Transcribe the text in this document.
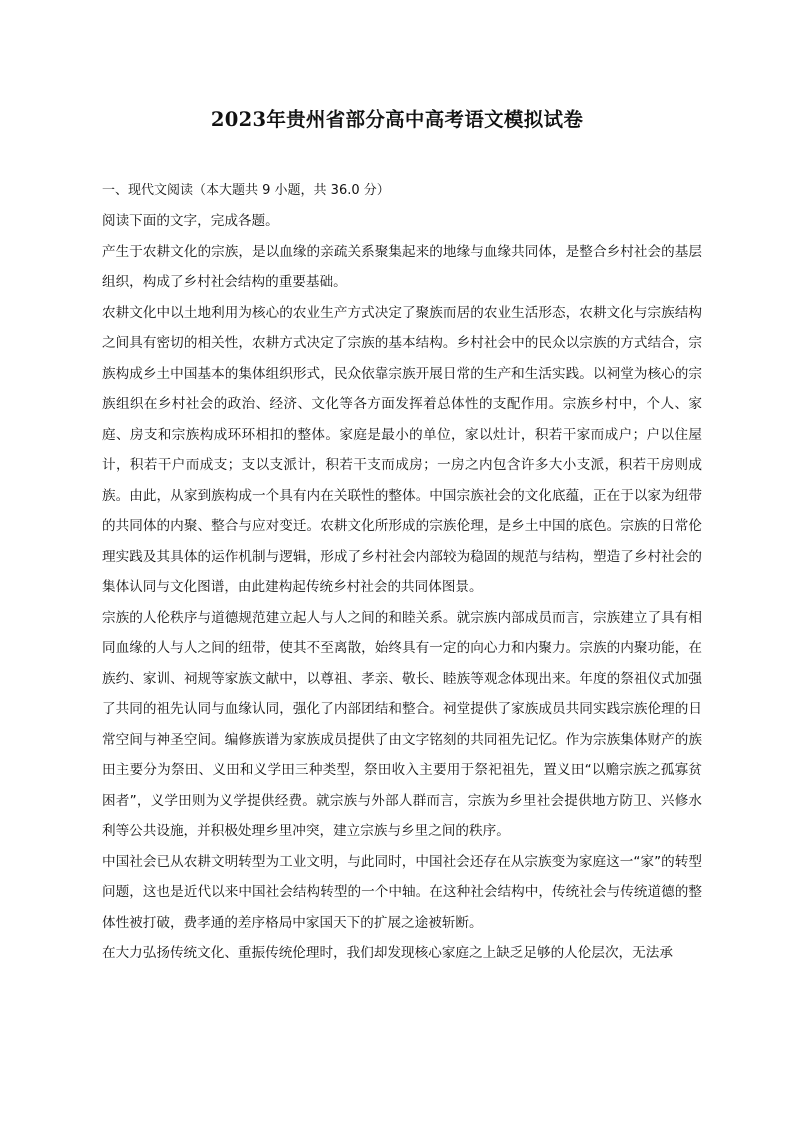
2023年贵州省部分高中高考语文模拟试卷
一、现代文阅读（本大题共 9 小题，共 36.0 分）

阅读下面的文字，完成各题。

产生于农耕文化的宗族，是以血缘的亲疏关系聚集起来的地缘与血缘共同体，是整合乡村社会的基层组织，构成了乡村社会结构的重要基础。

农耕文化中以土地利用为核心的农业生产方式决定了聚族而居的农业生活形态，农耕文化与宗族结构之间具有密切的相关性，农耕方式决定了宗族的基本结构。乡村社会中的民众以宗族的方式结合，宗族构成乡土中国基本的集体组织形式，民众依靠宗族开展日常的生产和生活实践。以祠堂为核心的宗族组织在乡村社会的政治、经济、文化等各方面发挥着总体性的支配作用。宗族乡村中，个人、家庭、房支和宗族构成环环相扣的整体。家庭是最小的单位，家以灶计，积若干家而成户；户以住屋计，积若干户而成支；支以支派计，积若干支而成房；一房之内包含许多大小支派，积若干房则成族。由此，从家到族构成一个具有内在关联性的整体。中国宗族社会的文化底蕴，正在于以家为纽带的共同体的内聚、整合与应对变迁。农耕文化所形成的宗族伦理，是乡土中国的底色。宗族的日常伦理实践及其具体的运作机制与逻辑，形成了乡村社会内部较为稳固的规范与结构，塑造了乡村社会的集体认同与文化图谱，由此建构起传统乡村社会的共同体图景。

宗族的人伦秩序与道德规范建立起人与人之间的和睦关系。就宗族内部成员而言，宗族建立了具有相同血缘的人与人之间的纽带，使其不至离散，始终具有一定的向心力和内聚力。宗族的内聚功能，在族约、家训、祠规等家族文献中，以尊祖、孝亲、敬长、睦族等观念体现出来。年度的祭祖仪式加强了共同的祖先认同与血缘认同，强化了内部团结和整合。祠堂提供了家族成员共同实践宗族伦理的日常空间与神圣空间。编修族谱为家族成员提供了由文字铭刻的共同祖先记忆。作为宗族集体财产的族田主要分为祭田、义田和义学田三种类型，祭田收入主要用于祭祀祖先，置义田“以赡宗族之孤寡贫困者”，义学田则为义学提供经费。就宗族与外部人群而言，宗族为乡里社会提供地方防卫、兴修水利等公共设施，并积极处理乡里冲突，建立宗族与乡里之间的秩序。

中国社会已从农耕文明转型为工业文明，与此同时，中国社会还存在从宗族变为家庭这一“家”的转型问题，这也是近代以来中国社会结构转型的一个中轴。在这种社会结构中，传统社会与传统道德的整体性被打破，费孝通的差序格局中家国天下的扩展之途被斩断。

在大力弘扬传统文化、重振传统伦理时，我们却发现核心家庭之上缺乏足够的人伦层次，无法承
